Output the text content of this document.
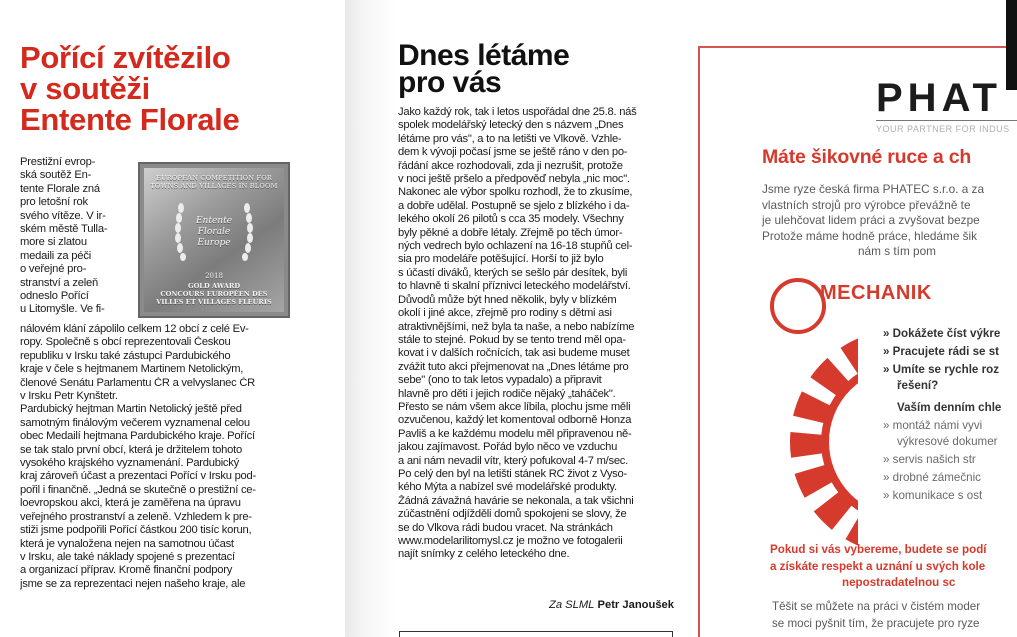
Pořící zvítězilo
v soutěži
Entente Florale
Prestižní evrop-
ská soutěž En-
tente Florale zná
pro letošní rok
svého vítěze. V ir-
ském městě Tulla-
more si zlatou
medaili za péči
o veřejné pro-
stranství a zeleň
odneslo Pořící
u Litomyšle. Ve fi-
EUROPEAN COMPETITION FOR
TOWNS AND VILLAGES IN BLOOM
Entente
Florale
Europe
2018
GOLD AWARD
CONCOURS EUROPÉEN DES
VILLES ET VILLAGES FLEURIS
nálovém klání zápolilo celkem 12 obcí z celé Ev-
ropy. Společně s obcí reprezentovali Českou
republiku v Irsku také zástupci Pardubického
kraje v čele s hejtmanem Martinem Netolickým,
členové Senátu Parlamentu ČR a velvyslanec ČR
v Irsku Petr Kynštetr.
Pardubický hejtman Martin Netolický ještě před
samotným finálovým večerem vyznamenal celou
obec Medailí hejtmana Pardubického kraje. Pořící
se tak stalo první obcí, která je držitelem tohoto
vysokého krajského vyznamenání. Pardubický
kraj zároveň účast a prezentaci Pořící v Irsku pod-
pořil i finančně. „Jedná se skutečně o prestižní ce-
loevropskou akci, která je zaměřena na úpravu
veřejného prostranství a zeleně. Vzhledem k pre-
stiži jsme podpořili Pořící částkou 200 tisíc korun,
která je vynaložena nejen na samotnou účast
v Irsku, ale také náklady spojené s prezentací
a organizací příprav. Kromě finanční podpory
jsme se za reprezentaci nejen našeho kraje, ale
Dnes létáme
pro vás
Jako každý rok, tak i letos uspořádal dne 25.8. náš
spolek modelářský letecký den s názvem „Dnes
létáme pro vás", a to na letišti ve Vlkově. Vzhle-
dem k vývoji počasí jsme se ještě ráno v den po-
řádání akce rozhodovali, zda ji nezrušit, protože
v noci ještě pršelo a předpověď nebyla „nic moc".
Nakonec ale výbor spolku rozhodl, že to zkusíme,
a dobře udělal. Postupně se sjelo z blízkého i da-
lekého okolí 26 pilotů s cca 35 modely. Všechny
byly pěkné a dobře létaly. Zřejmě po těch úmor-
ných vedrech bylo ochlazení na 16-18 stupňů cel-
sia pro modeláře potěšující. Horší to již bylo
s účastí diváků, kterých se sešlo pár desítek, byli
to hlavně ti skalní příznivci leteckého modelářství.
Důvodů může být hned několik, byly v blízkém
okolí i jiné akce, zřejmě pro rodiny s dětmi asi
atraktivnějšími, než byla ta naše, a nebo nabízíme
stále to stejné. Pokud by se tento trend měl opa-
kovat i v dalších ročnících, tak asi budeme muset
zvážit tuto akci přejmenovat na „Dnes létáme pro
sebe" (ono to tak letos vypadalo) a připravit
hlavně pro děti i jejich rodiče nějaký „taháček".
Přesto se nám všem akce líbila, plochu jsme měli
ozvučenou, každý let komentoval odborně Honza
Pavliš a ke každému modelu měl připravenou ně-
jakou zajímavost. Pořád bylo něco ve vzduchu
a ani nám nevadil vítr, který pofukoval 4-7 m/sec.
Po celý den byl na letišti stánek RC život z Vyso-
kého Mýta a nabízel své modelářské produkty.
Žádná závažná havárie se nekonala, a tak všichni
zúčastnění odjížděli domů spokojeni se slovy, že
se do Vlkova rádi budou vracet. Na stránkách
www.modelarilitomysl.cz je možno ve fotogalerii
najít snímky z celého leteckého dne.
Za SLML Petr Janoušek
PHAT
YOUR PARTNER FOR INDUS
Máte šikovné ruce a ch
Jsme ryze česká firma PHATEC s.r.o. a za
vlastních strojů pro výrobce převážně te
je ulehčovat lidem práci a zvyšovat bezpe
Protože máme hodně práce, hledáme šik
nám s tím pom
MECHANIK
» Dokážete číst výkre
» Pracujete rádi se st
» Umíte se rychle roz
řešení?
Vaším denním chle
» montáž námi vyvi
výkresové dokumer
» servis našich str
» drobné zámečnic
» komunikace s ost
Pokud si vás vybereme, budete se podí
a získáte respekt a uznání u svých kole
nepostradatelnou sc
Těšit se můžete na práci v čistém moder
se moci pyšnit tím, že pracujete pro ryze
